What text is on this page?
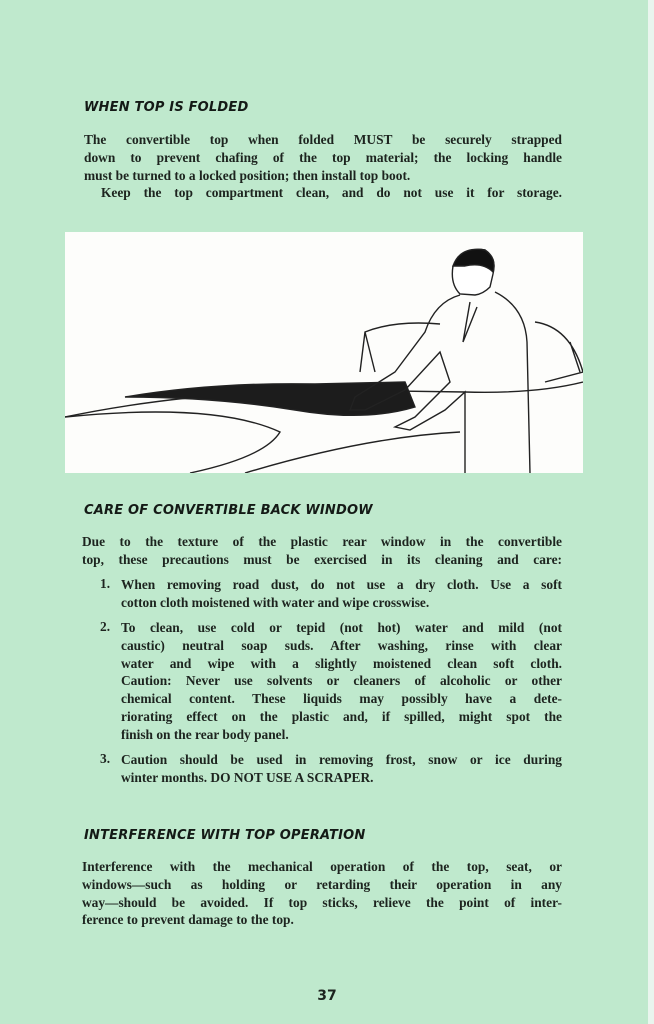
WHEN TOP IS FOLDED
The convertible top when folded MUST be securely strapped
down to prevent chafing of the top material; the locking handle
must be turned to a locked position; then install top boot.
Keep the top compartment clean, and do not use it for storage.
CARE OF CONVERTIBLE BACK WINDOW
Due to the texture of the plastic rear window in the convertible
top, these precautions must be exercised in its cleaning and care:
1. When removing road dust, do not use a dry cloth. Use a soft
cotton cloth moistened with water and wipe crosswise.
2. To clean, use cold or tepid (not hot) water and mild (not
caustic) neutral soap suds. After washing, rinse with clear
water and wipe with a slightly moistened clean soft cloth.
Caution: Never use solvents or cleaners of alcoholic or other
chemical content. These liquids may possibly have a dete-
riorating effect on the plastic and, if spilled, might spot the
finish on the rear body panel.
3. Caution should be used in removing frost, snow or ice during
winter months. DO NOT USE A SCRAPER.
INTERFERENCE WITH TOP OPERATION
Interference with the mechanical operation of the top, seat, or
windows—such as holding or retarding their operation in any
way—should be avoided. If top sticks, relieve the point of inter-
ference to prevent damage to the top.
37
